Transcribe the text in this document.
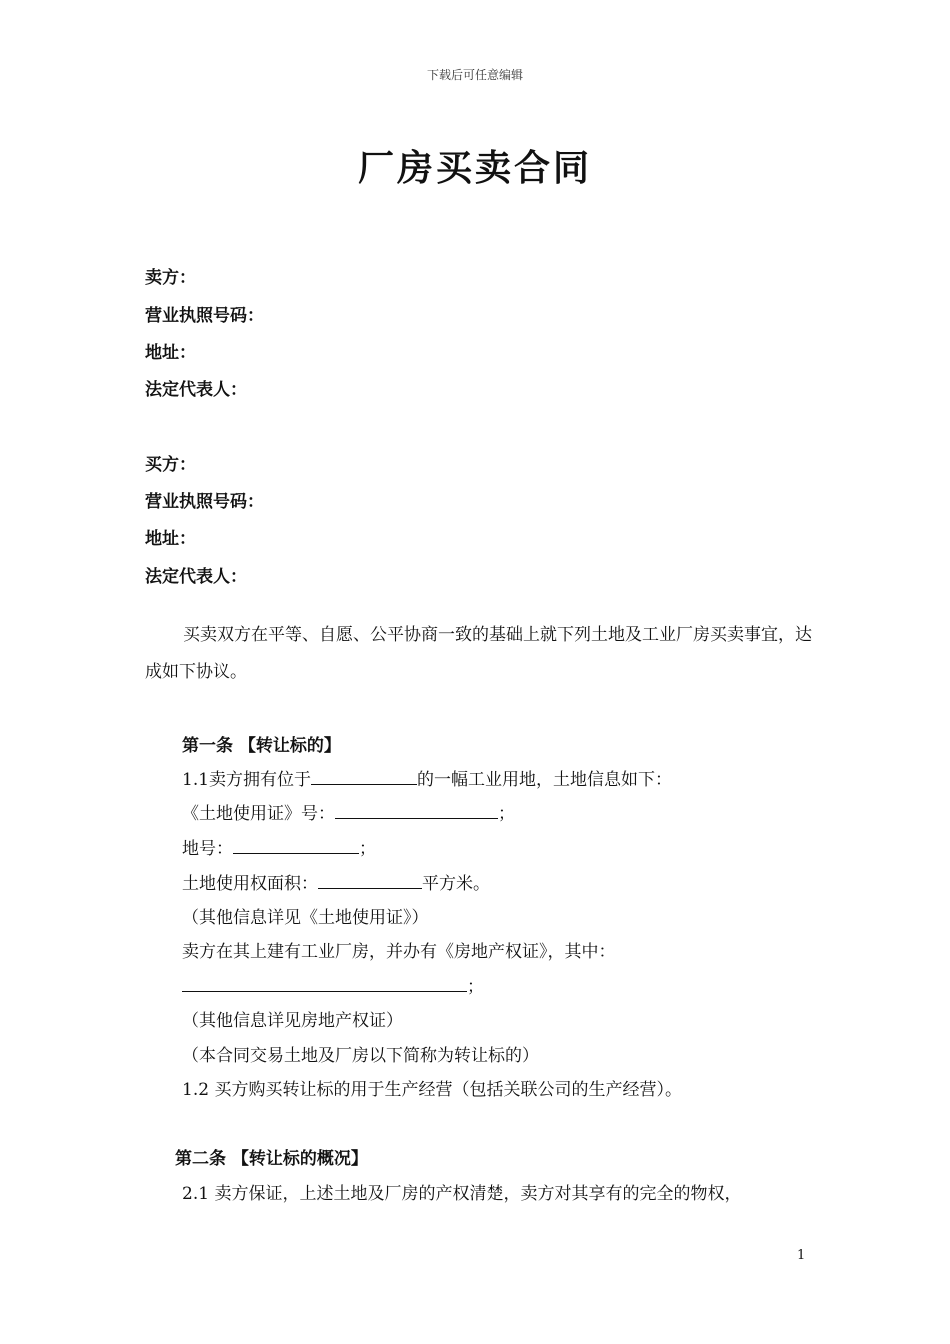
下载后可任意编辑
厂房买卖合同
卖方：
营业执照号码：
地址：
法定代表人：
买方：
营业执照号码：
地址：
法定代表人：
买卖双方在平等、自愿、公平协商一致的基础上就下列土地及工业厂房买卖事宜，达成如下协议。
第一条 【转让标的】
1.1卖方拥有位于	的一幅工业用地，土地信息如下：
《土地使用证》号：	；
地号：	；
土地使用权面积：	平方米。
（其他信息详见《土地使用证》）
卖方在其上建有工业厂房，并办有《房地产权证》，其中：
；
（其他信息详见房地产权证）
（本合同交易土地及厂房以下简称为转让标的）
1.2 买方购买转让标的用于生产经营（包括关联公司的生产经营）。
第二条 【转让标的概况】
2.1 卖方保证，上述土地及厂房的产权清楚，卖方对其享有的完全的物权，
1
